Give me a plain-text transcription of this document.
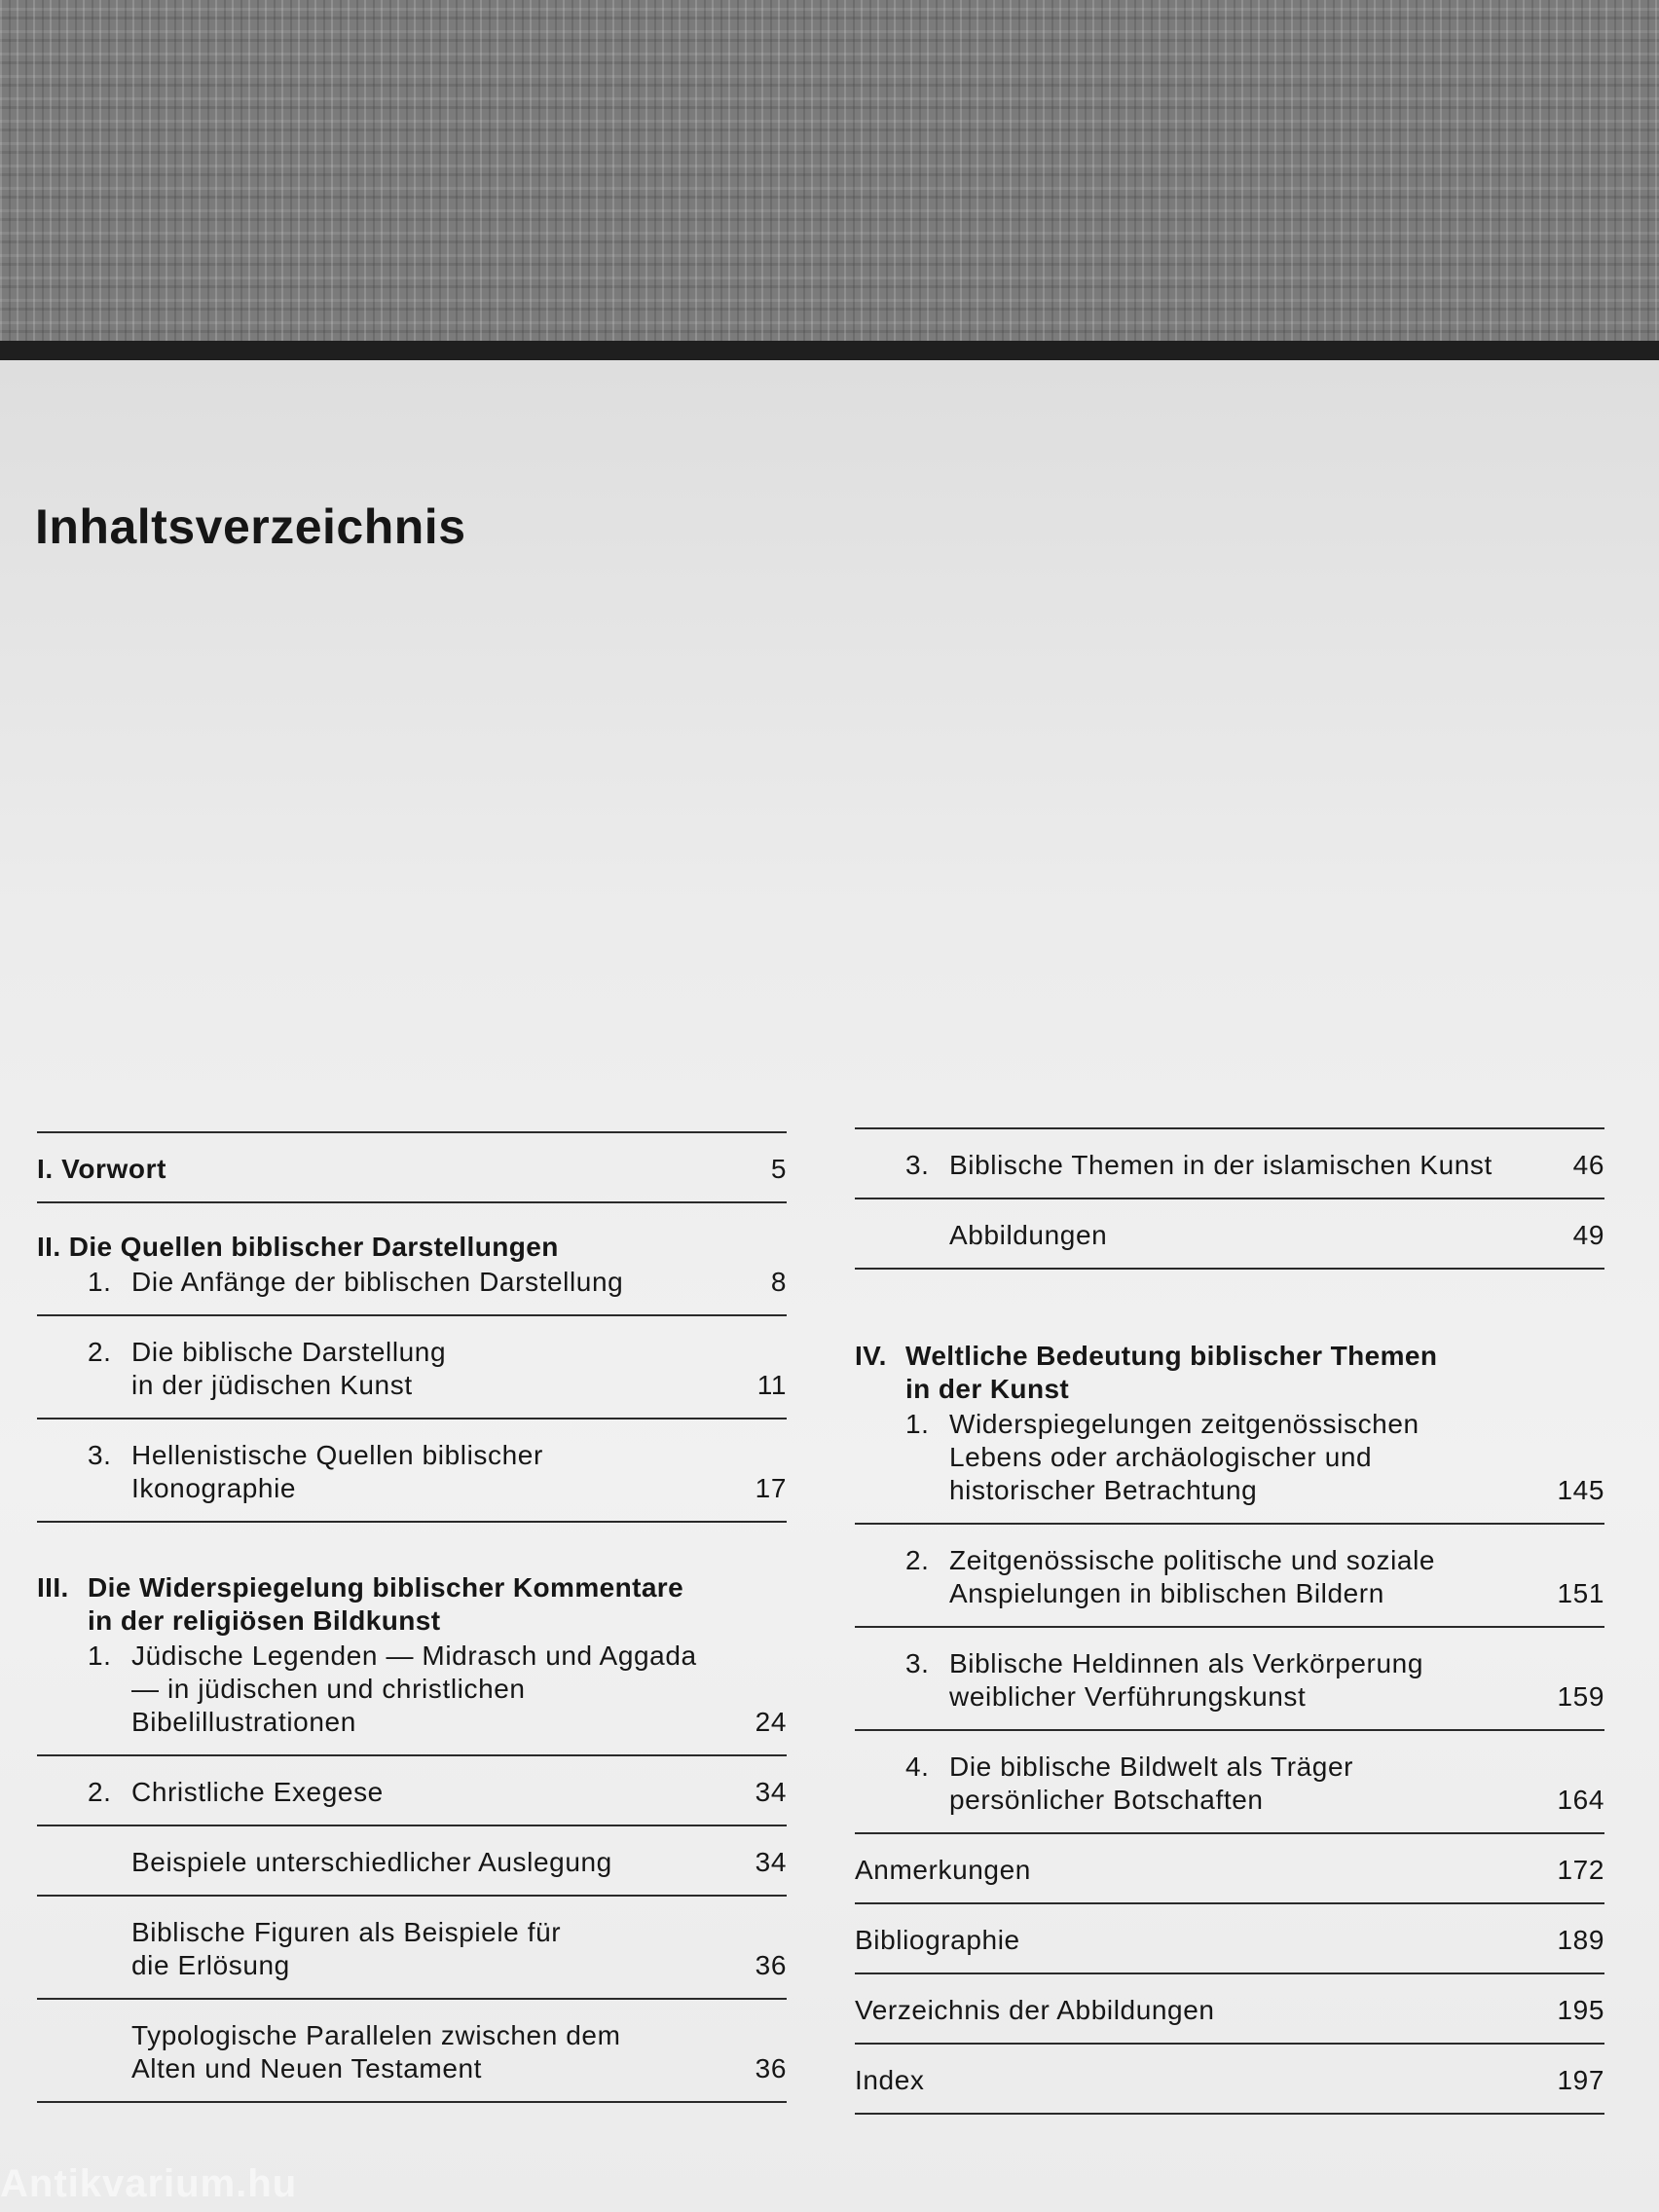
Inhaltsverzeichnis
I. Vorwort	5
II. Die Quellen biblischer Darstellungen
1. Die Anfänge der biblischen Darstellung	8
2. Die biblische Darstellung
in der jüdischen Kunst	11
3. Hellenistische Quellen biblischer
Ikonographie	17
III. Die Widerspiegelung biblischer Kommentare
in der religiösen Bildkunst
1. Jüdische Legenden — Midrasch und Aggada
— in jüdischen und christlichen
Bibelillustrationen	24
2. Christliche Exegese	34
Beispiele unterschiedlicher Auslegung	34
Biblische Figuren als Beispiele für
die Erlösung	36
Typologische Parallelen zwischen dem
Alten und Neuen Testament	36
3. Biblische Themen in der islamischen Kunst	46
Abbildungen	49
IV. Weltliche Bedeutung biblischer Themen
in der Kunst
1. Widerspiegelungen zeitgenössischen
Lebens oder archäologischer und
historischer Betrachtung	145
2. Zeitgenössische politische und soziale
Anspielungen in biblischen Bildern	151
3. Biblische Heldinnen als Verkörperung
weiblicher Verführungskunst	159
4. Die biblische Bildwelt als Träger
persönlicher Botschaften	164
Anmerkungen	172
Bibliographie	189
Verzeichnis der Abbildungen	195
Index	197
Antikvarium.hu
